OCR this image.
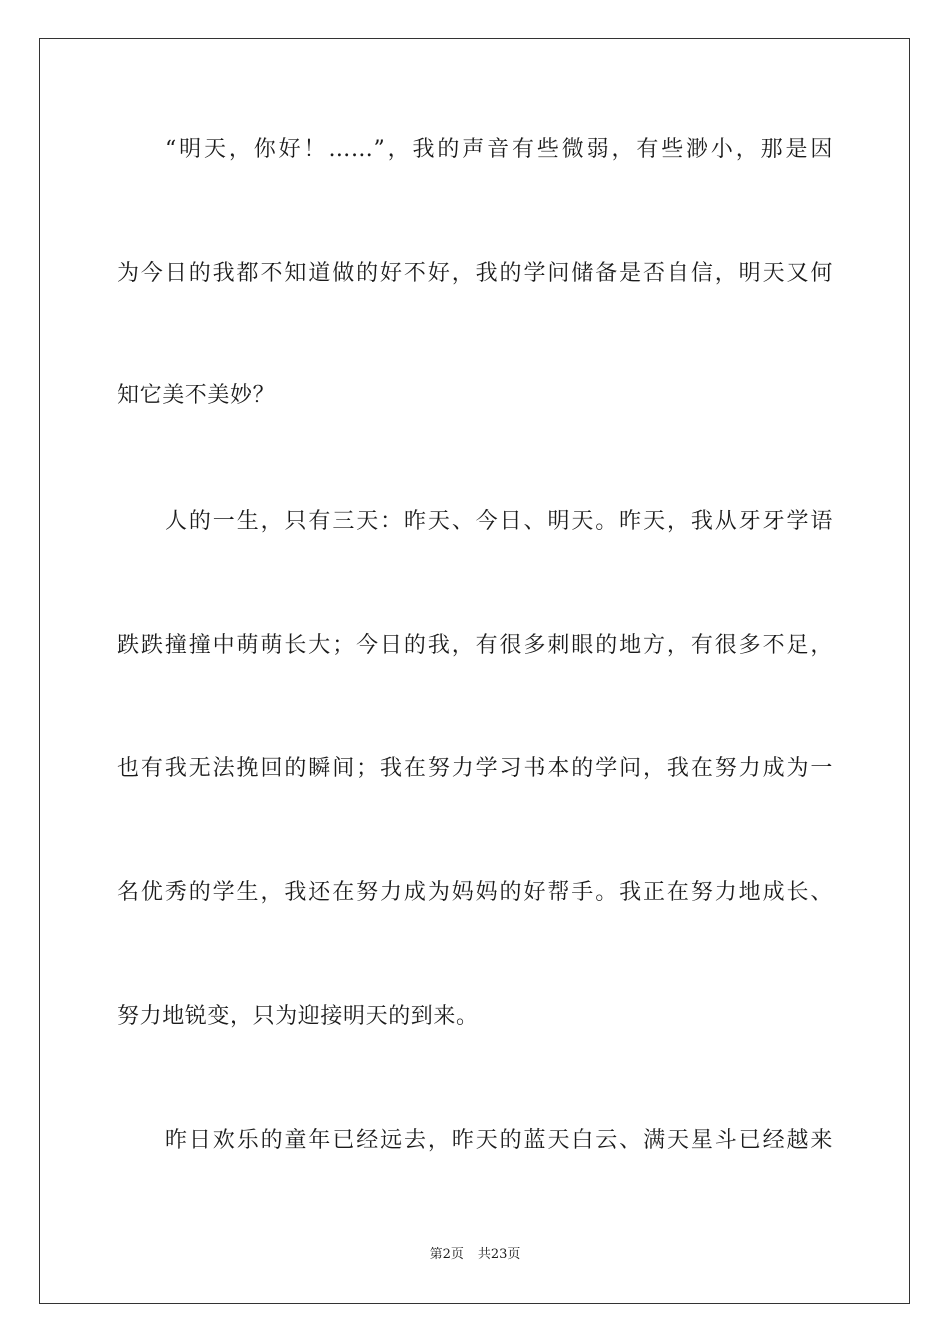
“明天，你好！……”，我的声音有些微弱，有些渺小，那是因
为今日的我都不知道做的好不好，我的学问储备是否自信，明天又何
知它美不美妙？
人的一生，只有三天：昨天、今日、明天。昨天，我从牙牙学语
跌跌撞撞中萌萌长大；今日的我，有很多刺眼的地方，有很多不足，
也有我无法挽回的瞬间；我在努力学习书本的学问，我在努力成为一
名优秀的学生，我还在努力成为妈妈的好帮手。我正在努力地成长、
努力地锐变，只为迎接明天的到来。
昨日欢乐的童年已经远去，昨天的蓝天白云、满天星斗已经越来
第2页 共23页
